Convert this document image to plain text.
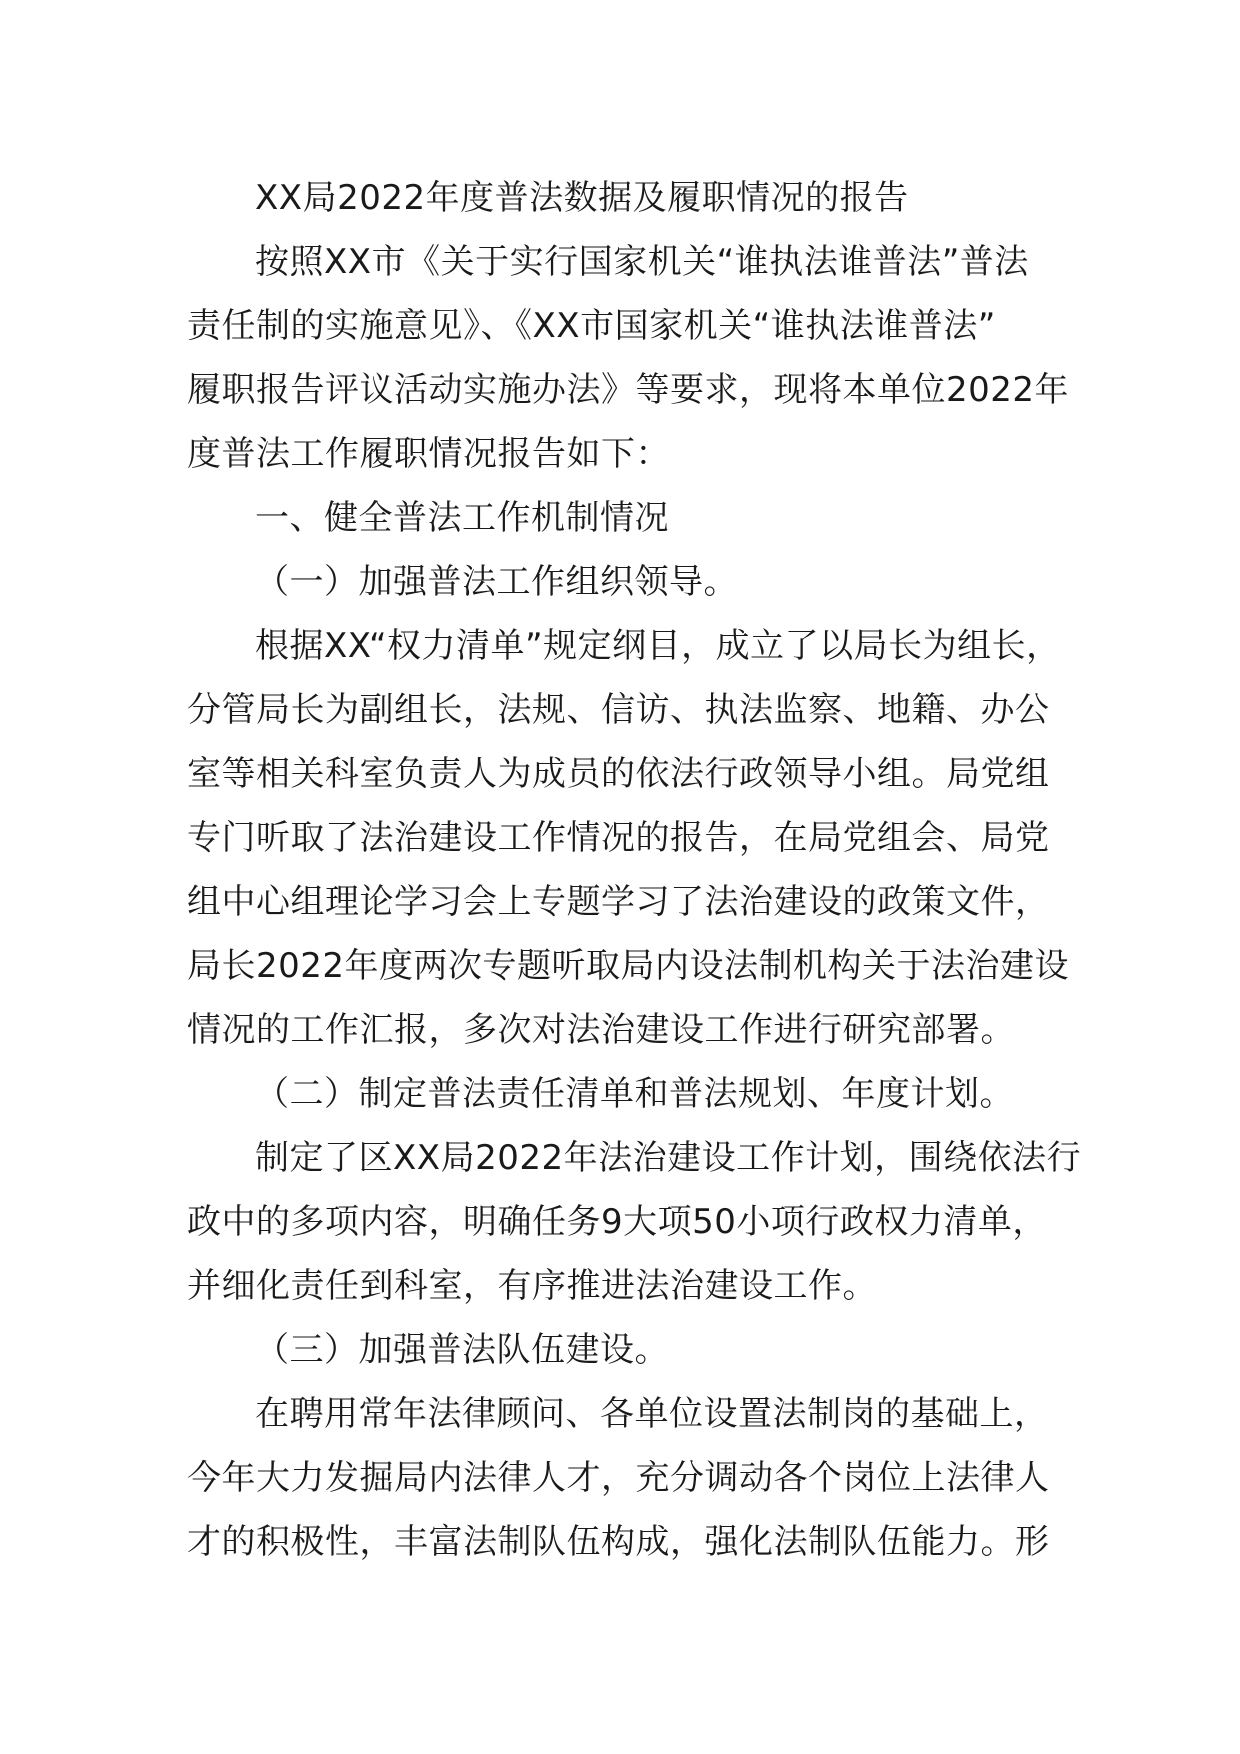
XX局2022年度普法数据及履职情况的报告
按照XX市《关于实行国家机关“谁执法谁普法”普法
责任制的实施意见》、《XX市国家机关“谁执法谁普法”
履职报告评议活动实施办法》等要求，现将本单位2022年
度普法工作履职情况报告如下：
一、健全普法工作机制情况
（一）加强普法工作组织领导。
根据XX“权力清单”规定纲目，成立了以局长为组长，
分管局长为副组长，法规、信访、执法监察、地籍、办公
室等相关科室负责人为成员的依法行政领导小组。局党组
专门听取了法治建设工作情况的报告，在局党组会、局党
组中心组理论学习会上专题学习了法治建设的政策文件，
局长2022年度两次专题听取局内设法制机构关于法治建设
情况的工作汇报，多次对法治建设工作进行研究部署。
（二）制定普法责任清单和普法规划、年度计划。
制定了区XX局2022年法治建设工作计划，围绕依法行
政中的多项内容，明确任务9大项50小项行政权力清单，
并细化责任到科室，有序推进法治建设工作。
（三）加强普法队伍建设。
在聘用常年法律顾问、各单位设置法制岗的基础上，
今年大力发掘局内法律人才，充分调动各个岗位上法律人
才的积极性，丰富法制队伍构成，强化法制队伍能力。形
